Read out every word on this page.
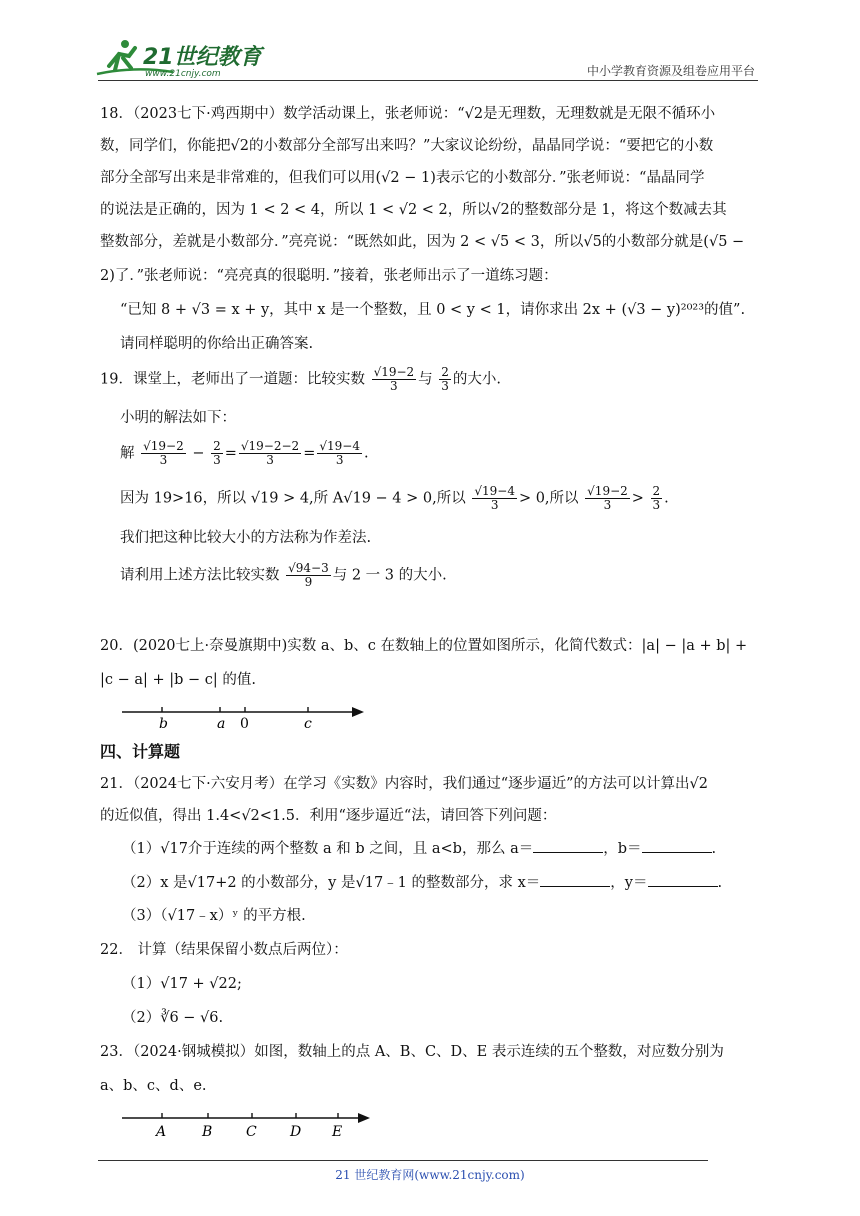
21世纪教育
www.21cnjy.com	中小学教育资源及组卷应用平台
18．（2023七下·鸡西期中）数学活动课上，张老师说：“√2是无理数，无理数就是无限不循环小
数，同学们，你能把√2的小数部分全部写出来吗？”大家议论纷纷，晶晶同学说：“要把它的小数
部分全部写出来是非常难的，但我们可以用(√2 − 1)表示它的小数部分．”张老师说：“晶晶同学
的说法是正确的，因为 1 < 2 < 4，所以 1 < √2 < 2，所以√2的整数部分是 1，将这个数减去其
整数部分，差就是小数部分．”亮亮说：“既然如此，因为 2 < √5 < 3，所以√5的小数部分就是(√5 −
2)了．”张老师说：“亮亮真的很聪明．”接着，张老师出示了一道练习题：
“已知 8 + √3 = x + y，其中 x 是一个整数，且 0 < y < 1，请你求出 2x + (√3 − y)²⁰²³的值”.
请同样聪明的你给出正确答案.
19．课堂上，老师出了一道题：比较实数 $\frac{√19-2}{3}$ 与 $\frac{2}{3}$ 的大小.
小明的解法如下：
解 $\frac{√19-2}{3} - \frac{2}{3} = \frac{√19-2-2}{3} = \frac{√19-4}{3}$ .
因为 19>16，所以 √19 > 4,所 A√19 − 4 > 0,所以 $\frac{√19-4}{3} > 0$,所以 $\frac{√19-2}{3} > \frac{2}{3}$ .
我们把这种比较大小的方法称为作差法.
请利用上述方法比较实数 $\frac{√94-3}{9}$ 与 2 一 3 的大小.
20．(2020七上·奈曼旗期中)实数 a、b、c 在数轴上的位置如图所示，化简代数式：|a| − |a + b| +
|c − a| + |b − c| 的值.
b	a 0	c
四、计算题
21．（2024七下·六安月考）在学习《实数》内容时，我们通过“逐步逼近”的方法可以计算出√2
的近似值，得出 1.4<√2<1.5．利用“逐步逼近“法，请回答下列问题：
（1）√17介于连续的两个整数 a 和 b 之间，且 a<b，那么 a＝	，b＝	.
（2）x 是√17+2 的小数部分，y 是√17﹣1 的整数部分，求 x＝	，y＝	.
（3）（√17﹣x）ʸ 的平方根.
22． 计算（结果保留小数点后两位）：
（1）√17 + √22;
（2）∛6 − √6.
23．（2024·钢城模拟）如图，数轴上的点 A、B、C、D、E 表示连续的五个整数，对应数分别为
a、b、c、d、e.
A	B C D E
21 世纪教育网(www.21cnjy.com)
